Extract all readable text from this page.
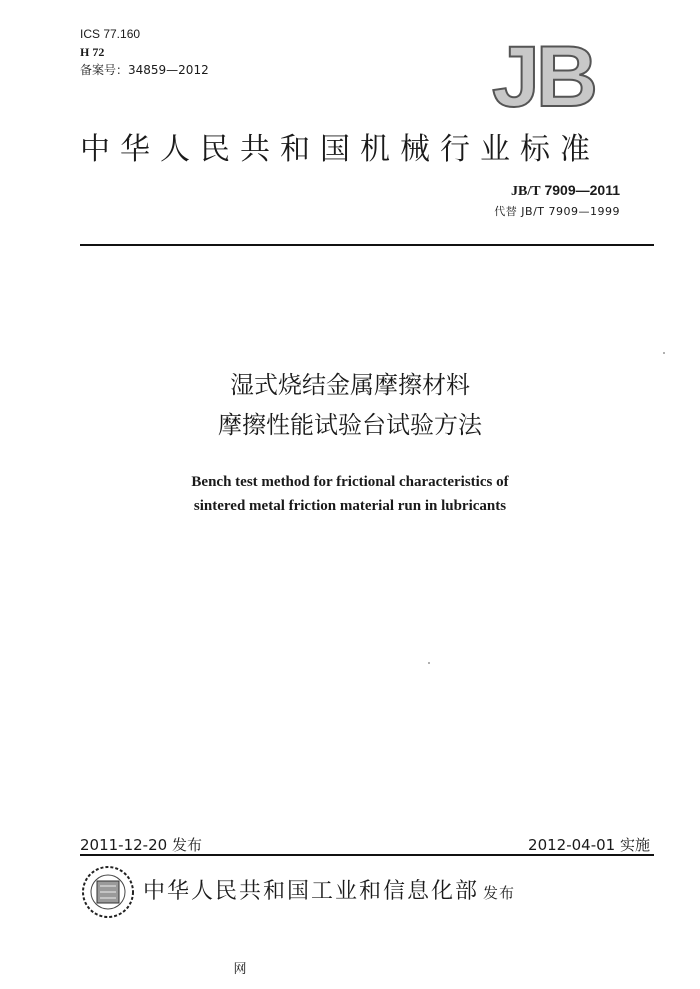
ICS 77.160
H 72
备案号：34859—2012	JB
中华人民共和国机械行业标准
JB/T 7909—2011
代替 JB/T 7909—1999
湿式烧结金属摩擦材料
摩擦性能试验台试验方法
Bench test method for frictional characteristics of
sintered metal friction material run in lubricants
2011-12-20 发布	2012-04-01 实施
中华人民共和国工业和信息化部 发布
网
